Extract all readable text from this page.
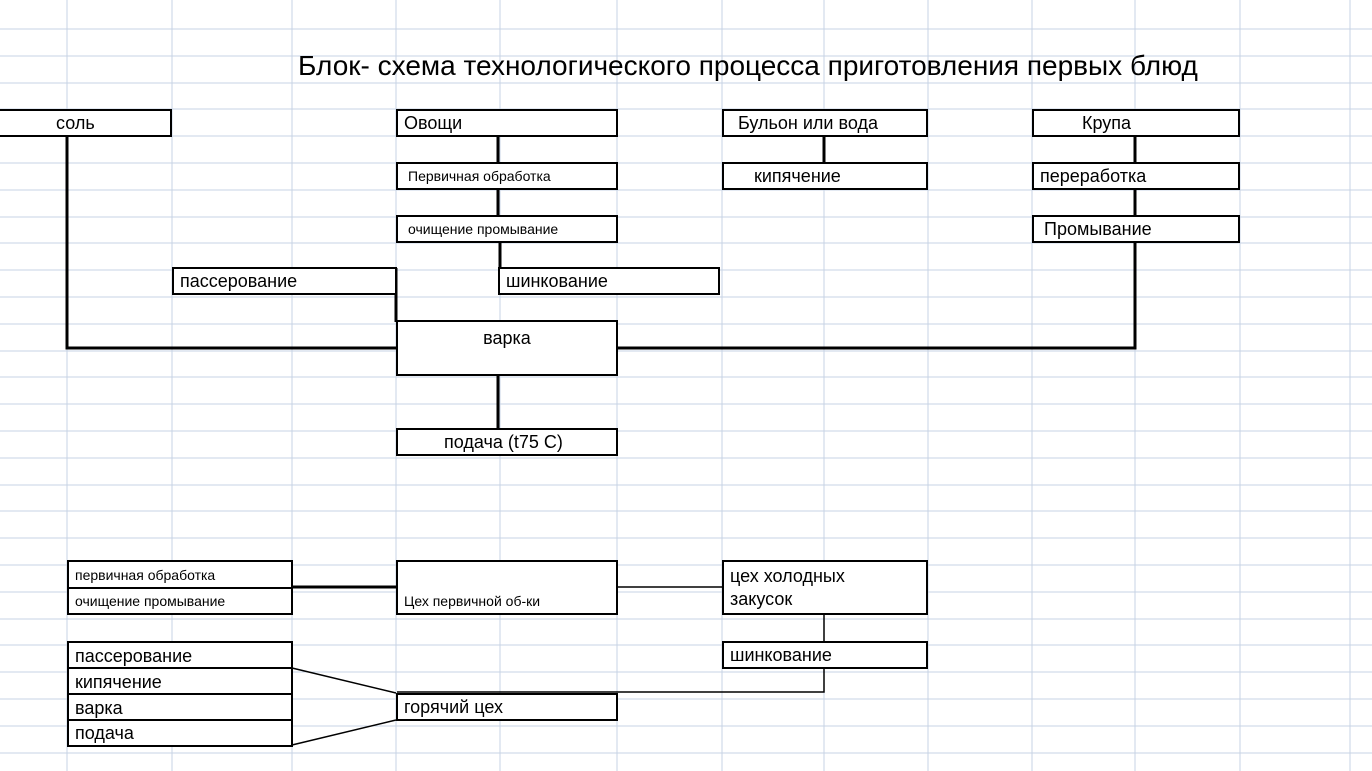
Блок- схема технологического процесса приготовления первых блюд
соль	Овощи
Первичная обработка
очищение промывание
Бульон или вода
кипячение
Крупа
переработка
Промывание
пассерование	шинкование
варка
подача (t75 C)
первичная обработка
очищение промывание	Цех первичной об-ки
цех холодных
закусок
шинкование
пассерование
кипячение
варка
подача
горячий цех
